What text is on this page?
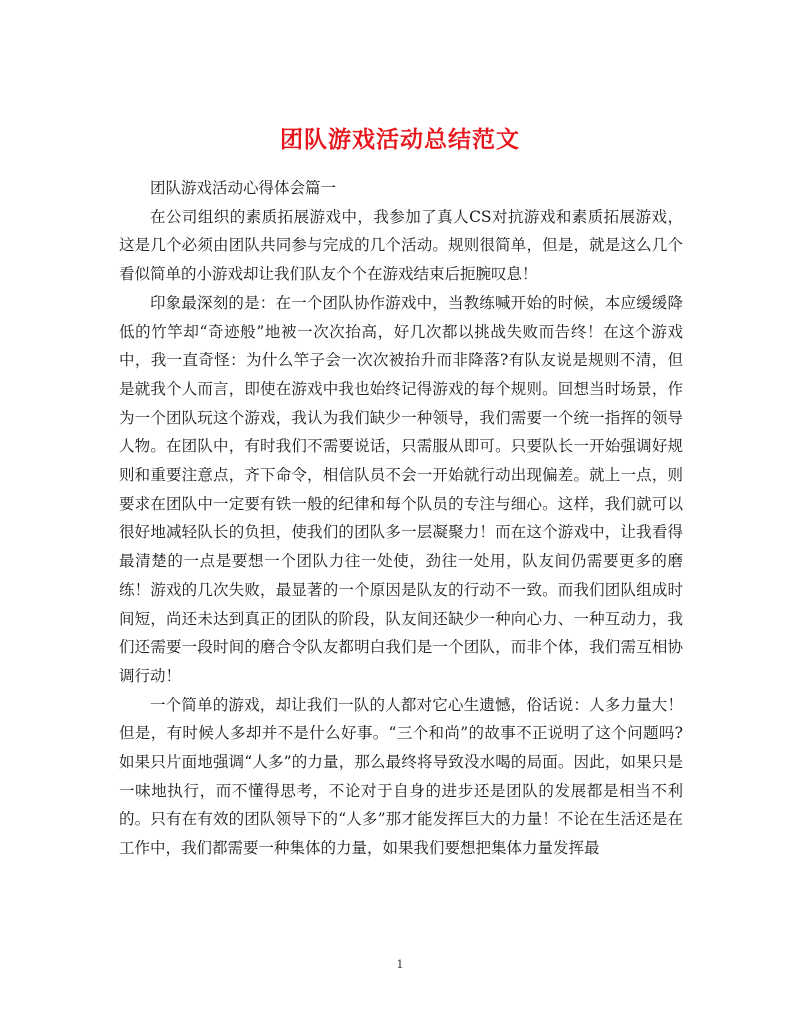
团队游戏活动总结范文

团队游戏活动心得体会篇一

在公司组织的素质拓展游戏中，我参加了真人CS对抗游戏和素质拓展游戏，这是几个必须由团队共同参与完成的几个活动。规则很简单，但是，就是这么几个看似简单的小游戏却让我们队友个个在游戏结束后扼腕叹息！

印象最深刻的是：在一个团队协作游戏中，当教练喊开始的时候，本应缓缓降低的竹竿却“奇迹般”地被一次次抬高，好几次都以挑战失败而告终！在这个游戏中，我一直奇怪：为什么竿子会一次次被抬升而非降落?有队友说是规则不清，但是就我个人而言，即使在游戏中我也始终记得游戏的每个规则。回想当时场景，作为一个团队玩这个游戏，我认为我们缺少一种领导，我们需要一个统一指挥的领导人物。在团队中，有时我们不需要说话，只需服从即可。只要队长一开始强调好规则和重要注意点，齐下命令，相信队员不会一开始就行动出现偏差。就上一点，则要求在团队中一定要有铁一般的纪律和每个队员的专注与细心。这样，我们就可以很好地减轻队长的负担，使我们的团队多一层凝聚力！而在这个游戏中，让我看得最清楚的一点是要想一个团队力往一处使，劲往一处用，队友间仍需要更多的磨练！游戏的几次失败，最显著的一个原因是队友的行动不一致。而我们团队组成时间短，尚还未达到真正的团队的阶段，队友间还缺少一种向心力、一种互动力，我们还需要一段时间的磨合令队友都明白我们是一个团队，而非个体，我们需互相协调行动！

一个简单的游戏，却让我们一队的人都对它心生遗憾，俗话说：人多力量大！但是，有时候人多却并不是什么好事。“三个和尚”的故事不正说明了这个问题吗?如果只片面地强调“人多”的力量，那么最终将导致没水喝的局面。因此，如果只是一味地执行，而不懂得思考，不论对于自身的进步还是团队的发展都是相当不利的。只有在有效的团队领导下的“人多”那才能发挥巨大的力量！不论在生活还是在工作中，我们都需要一种集体的力量，如果我们要想把集体力量发挥最

1
